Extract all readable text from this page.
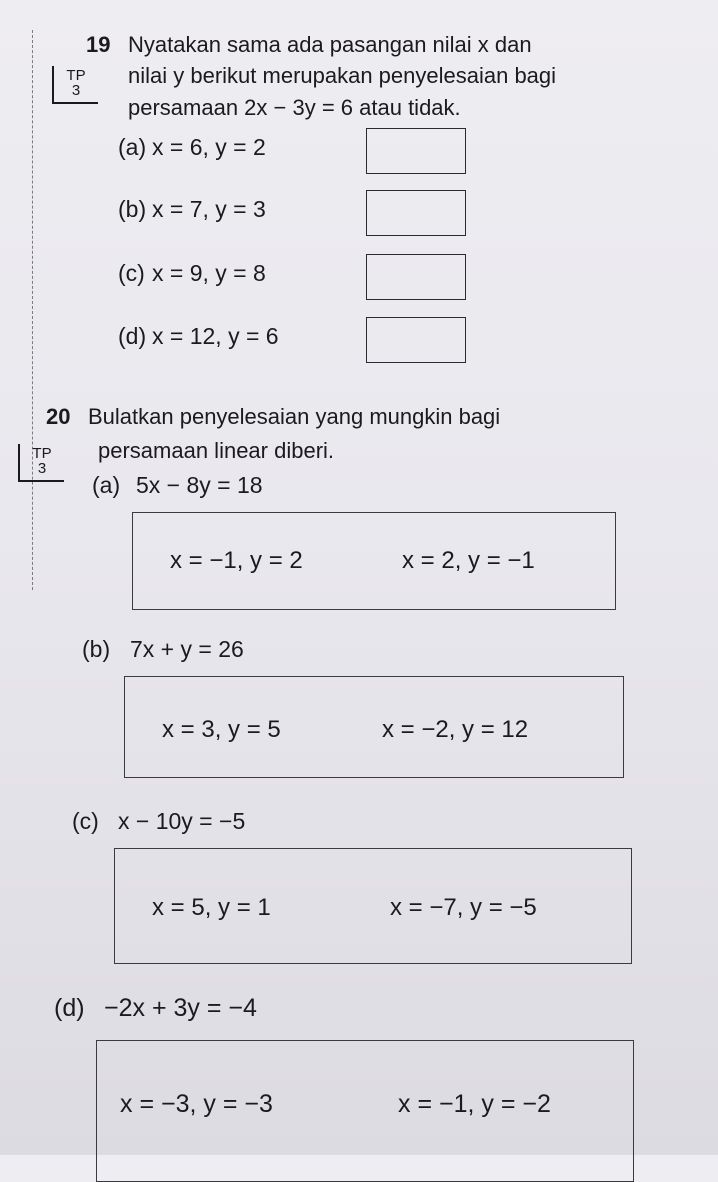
19 Nyatakan sama ada pasangan nilai x dan
nilai y berikut merupakan penyelesaian bagi
persamaan 2x − 3y = 6 atau tidak.
TP
3
(a) x = 6, y = 2
(b) x = 7, y = 3
(c) x = 9, y = 8
(d) x = 12, y = 6
20 Bulatkan penyelesaian yang mungkin bagi
persamaan linear diberi.
TP
3
(a) 5x − 8y = 18
x = −1, y = 2	x = 2, y = −1
(b) 7x + y = 26
x = 3, y = 5	x = −2, y = 12
(c) x − 10y = −5
x = 5, y = 1	x = −7, y = −5
(d) −2x + 3y = −4
x = −3, y = −3	x = −1, y = −2
